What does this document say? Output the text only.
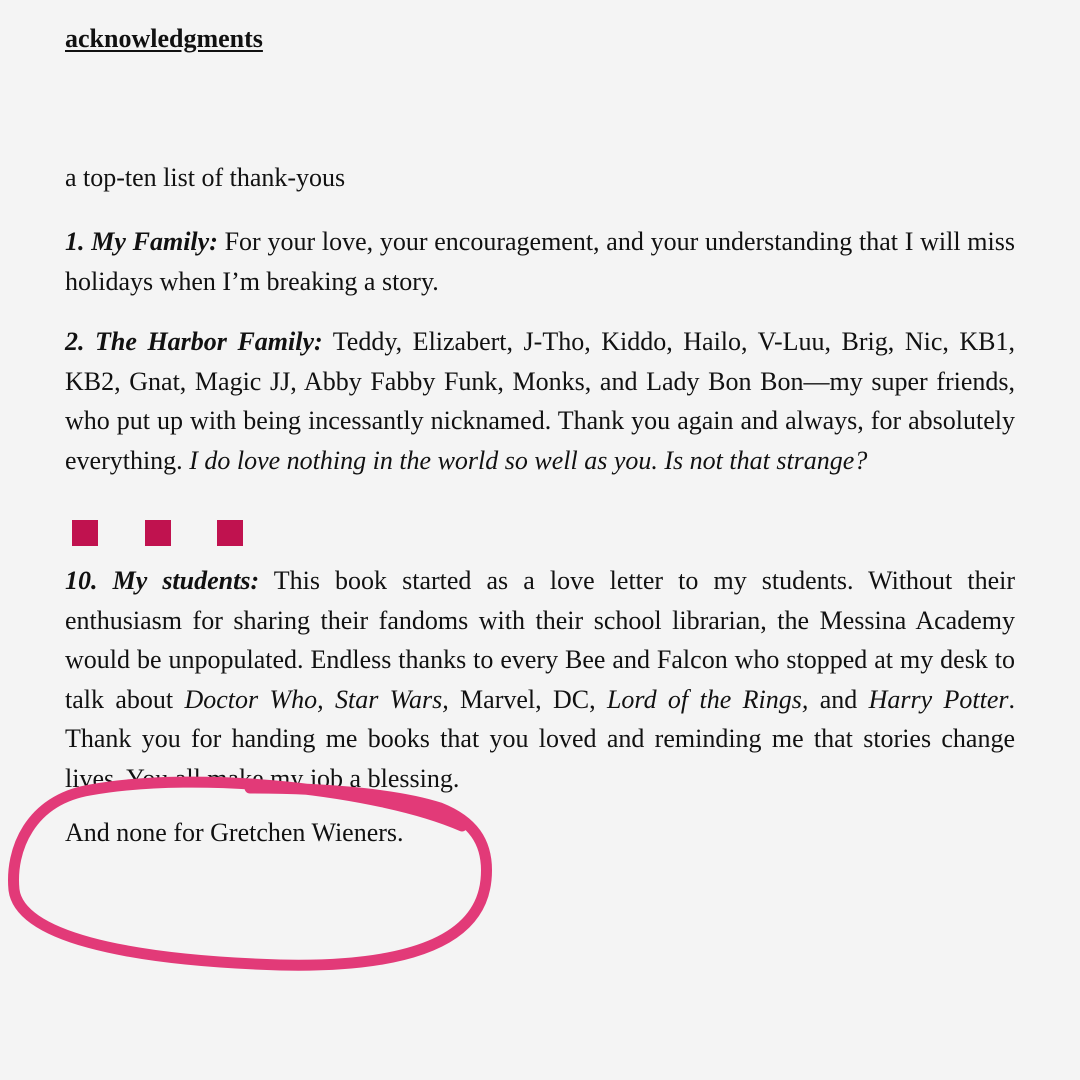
acknowledgments
a top-ten list of thank-yous
1. My Family: For your love, your encouragement, and your understanding that I will miss holidays when I’m breaking a story.
2. The Harbor Family: Teddy, Elizabert, J-Tho, Kiddo, Hailo, V-Luu, Brig, Nic, KB1, KB2, Gnat, Magic JJ, Abby Fabby Funk, Monks, and Lady Bon Bon—my super friends, who put up with being incessantly nicknamed. Thank you again and always, for absolutely everything. I do love nothing in the world so well as you. Is not that strange?
10. My students: This book started as a love letter to my students. Without their enthusiasm for sharing their fandoms with their school librarian, the Messina Academy would be unpopulated. Endless thanks to every Bee and Falcon who stopped at my desk to talk about Doctor Who, Star Wars, Marvel, DC, Lord of the Rings, and Harry Potter. Thank you for handing me books that you loved and reminding me that stories change lives. You all make my job a blessing.
And none for Gretchen Wieners.
